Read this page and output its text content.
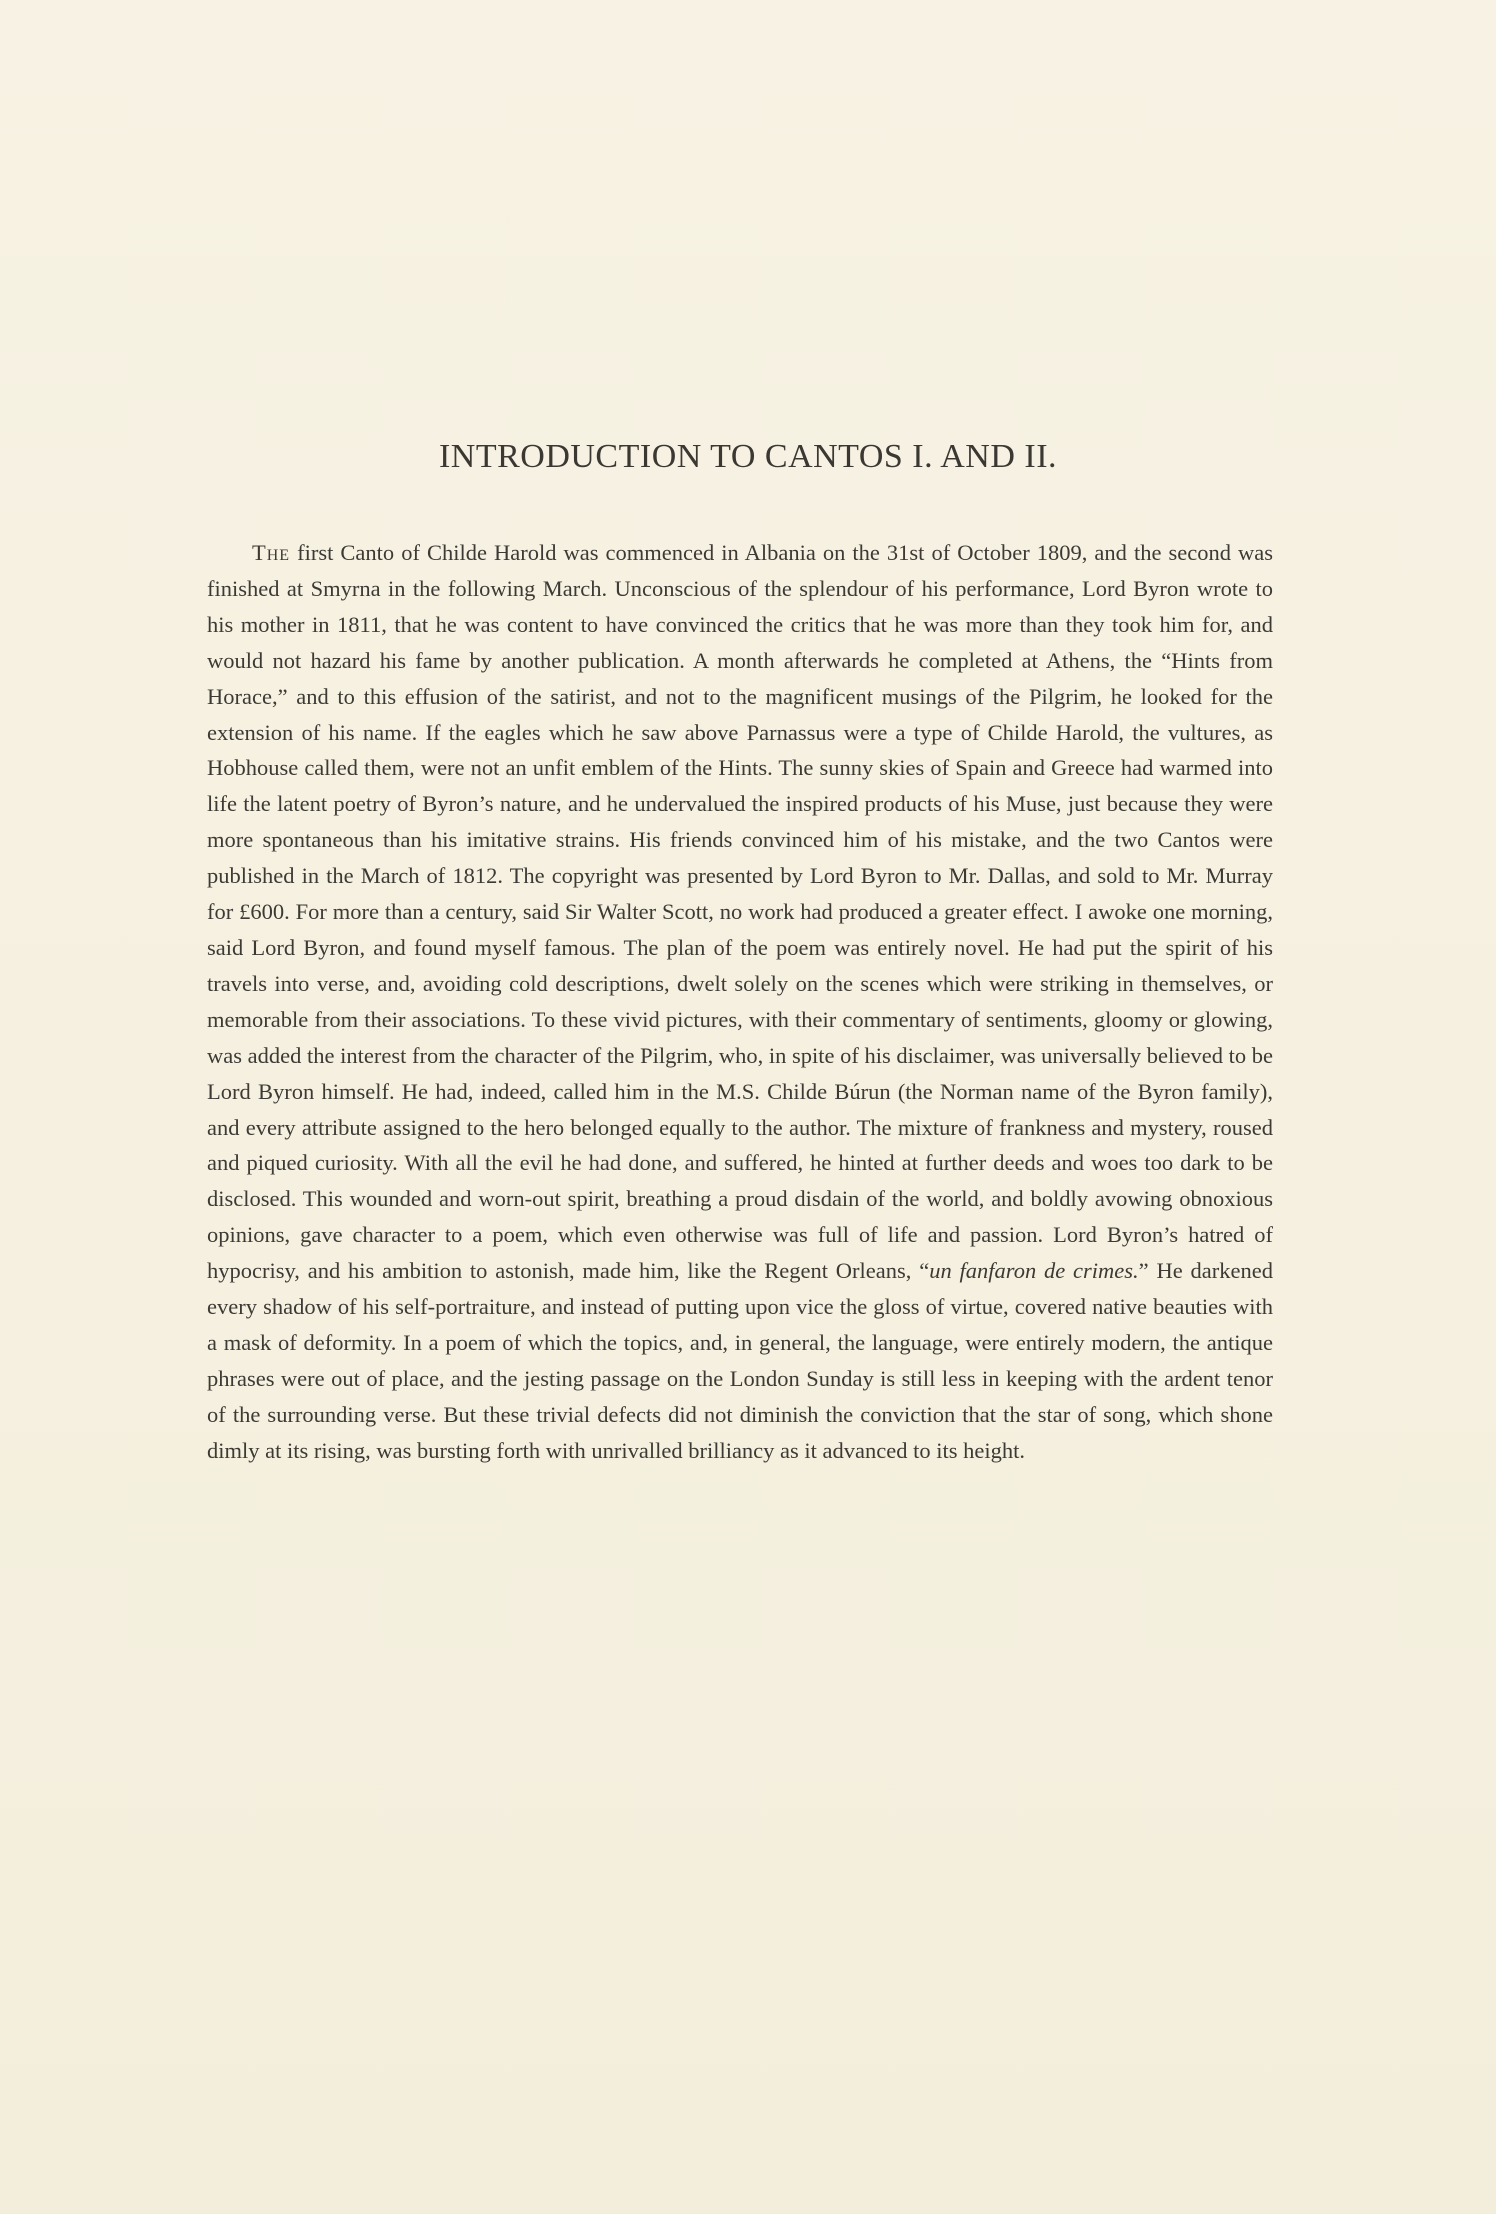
INTRODUCTION TO CANTOS I. AND II.

The first Canto of Childe Harold was commenced in Albania on the 31st of October 1809, and the second was finished at Smyrna in the following March. Unconscious of the splendour of his performance, Lord Byron wrote to his mother in 1811, that he was content to have convinced the critics that he was more than they took him for, and would not hazard his fame by another publication. A month afterwards he completed at Athens, the “Hints from Horace,” and to this effusion of the satirist, and not to the magnificent musings of the Pilgrim, he looked for the extension of his name. If the eagles which he saw above Parnassus were a type of Childe Harold, the vultures, as Hobhouse called them, were not an unfit emblem of the Hints. The sunny skies of Spain and Greece had warmed into life the latent poetry of Byron’s nature, and he undervalued the inspired products of his Muse, just because they were more spontaneous than his imitative strains. His friends convinced him of his mistake, and the two Cantos were published in the March of 1812. The copyright was presented by Lord Byron to Mr. Dallas, and sold to Mr. Murray for £600. For more than a century, said Sir Walter Scott, no work had produced a greater effect. I awoke one morning, said Lord Byron, and found myself famous. The plan of the poem was entirely novel. He had put the spirit of his travels into verse, and, avoiding cold descriptions, dwelt solely on the scenes which were striking in themselves, or memorable from their associations. To these vivid pictures, with their commentary of sentiments, gloomy or glowing, was added the interest from the character of the Pilgrim, who, in spite of his disclaimer, was universally believed to be Lord Byron himself. He had, indeed, called him in the M.S. Childe Búrun (the Norman name of the Byron family), and every attribute assigned to the hero belonged equally to the author. The mixture of frankness and mystery, roused and piqued curiosity. With all the evil he had done, and suffered, he hinted at further deeds and woes too dark to be disclosed. This wounded and worn-out spirit, breathing a proud disdain of the world, and boldly avowing obnoxious opinions, gave character to a poem, which even otherwise was full of life and passion. Lord Byron’s hatred of hypocrisy, and his ambition to astonish, made him, like the Regent Orleans, “un fanfaron de crimes.” He darkened every shadow of his self-portraiture, and instead of putting upon vice the gloss of virtue, covered native beauties with a mask of deformity. In a poem of which the topics, and, in general, the language, were entirely modern, the antique phrases were out of place, and the jesting passage on the London Sunday is still less in keeping with the ardent tenor of the surrounding verse. But these trivial defects did not diminish the conviction that the star of song, which shone dimly at its rising, was bursting forth with unrivalled brilliancy as it advanced to its height.
